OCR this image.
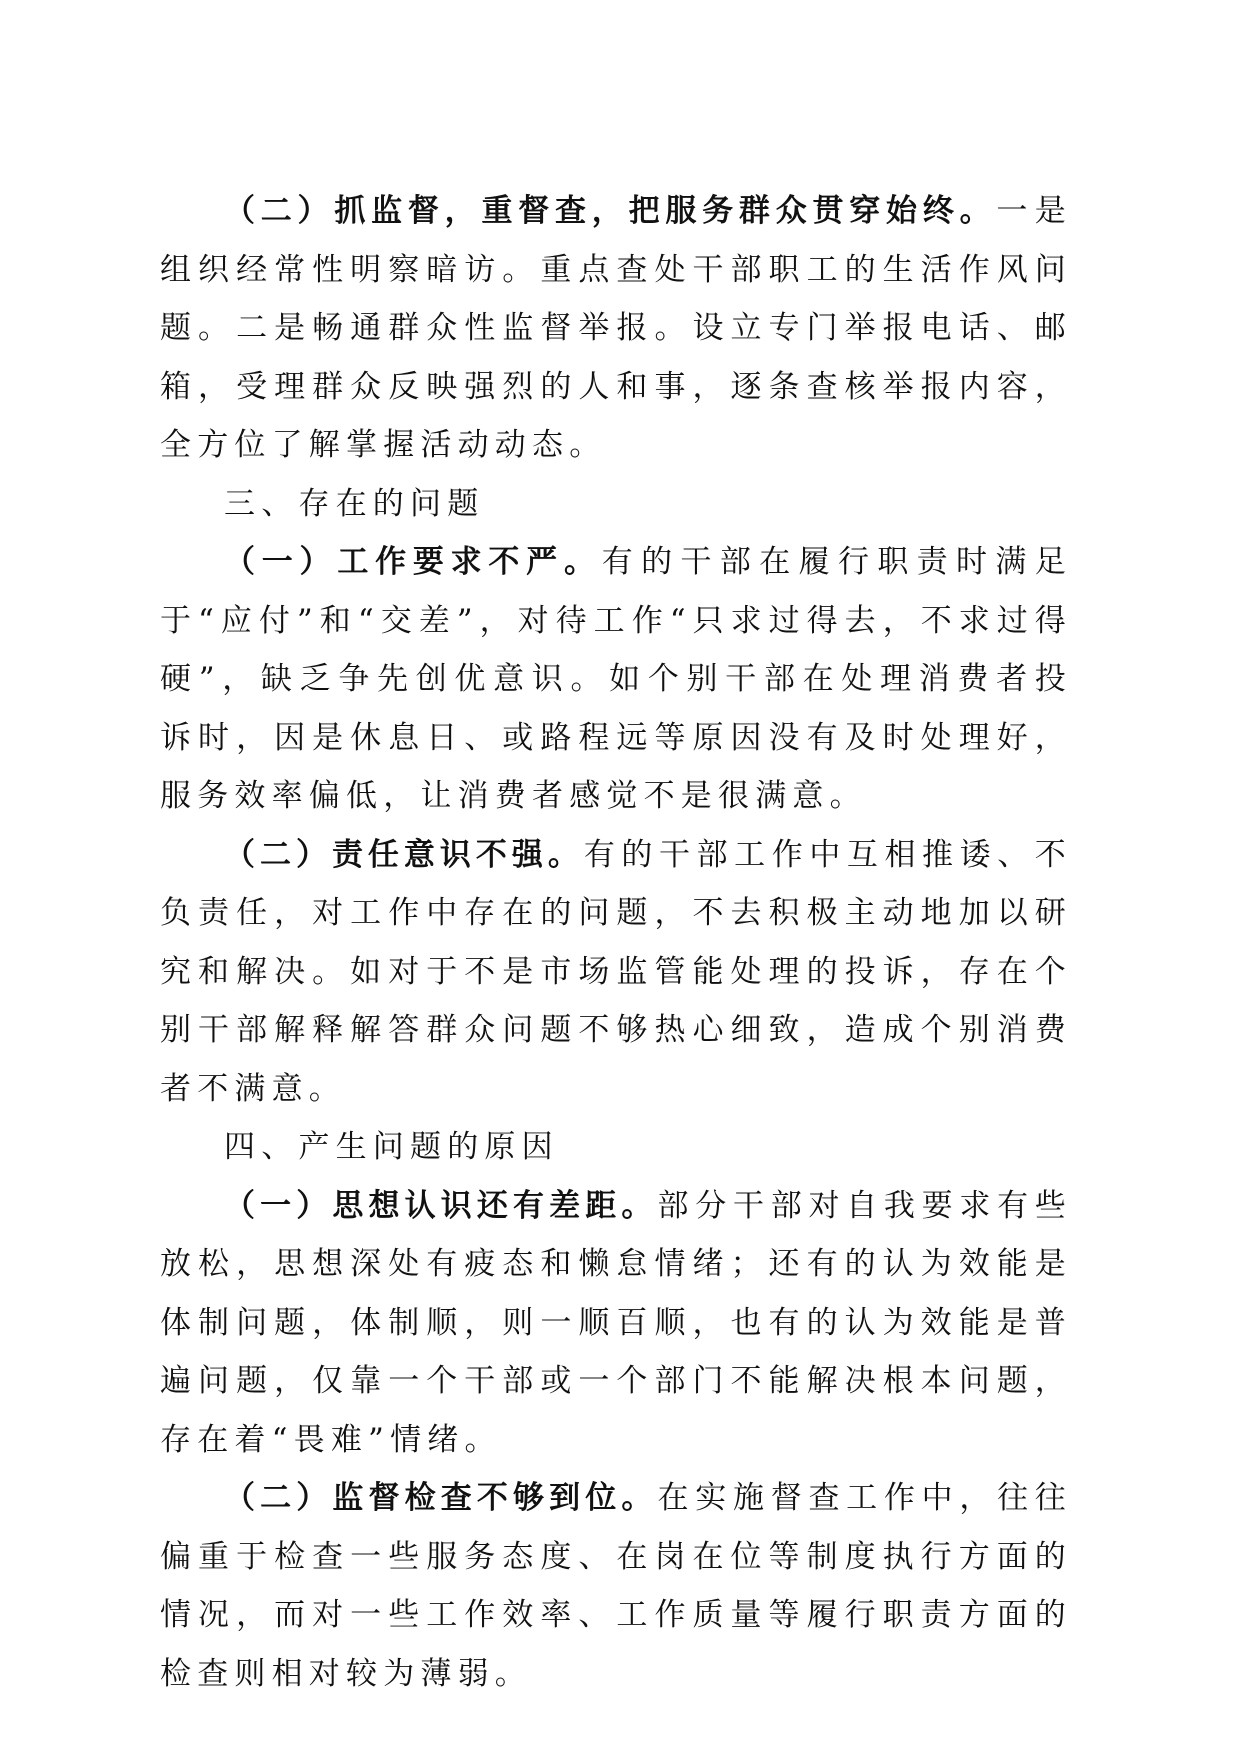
（二）抓监督，重督查，把服务群众贯穿始终。一是组织经常性明察暗访。重点查处干部职工的生活作风问题。二是畅通群众性监督举报。设立专门举报电话、邮箱，受理群众反映强烈的人和事，逐条查核举报内容，全方位了解掌握活动动态。

三、存在的问题

（一）工作要求不严。有的干部在履行职责时满足于“应付”和“交差”，对待工作“只求过得去，不求过得硬”，缺乏争先创优意识。如个别干部在处理消费者投诉时，因是休息日、或路程远等原因没有及时处理好，服务效率偏低，让消费者感觉不是很满意。

（二）责任意识不强。有的干部工作中互相推诿、不负责任，对工作中存在的问题，不去积极主动地加以研究和解决。如对于不是市场监管能处理的投诉，存在个别干部解释解答群众问题不够热心细致，造成个别消费者不满意。

四、产生问题的原因

（一）思想认识还有差距。部分干部对自我要求有些放松，思想深处有疲态和懒怠情绪；还有的认为效能是体制问题，体制顺，则一顺百顺，也有的认为效能是普遍问题，仅靠一个干部或一个部门不能解决根本问题，存在着“畏难”情绪。

（二）监督检查不够到位。在实施督查工作中，往往偏重于检查一些服务态度、在岗在位等制度执行方面的情况，而对一些工作效率、工作质量等履行职责方面的检查则相对较为薄弱。
